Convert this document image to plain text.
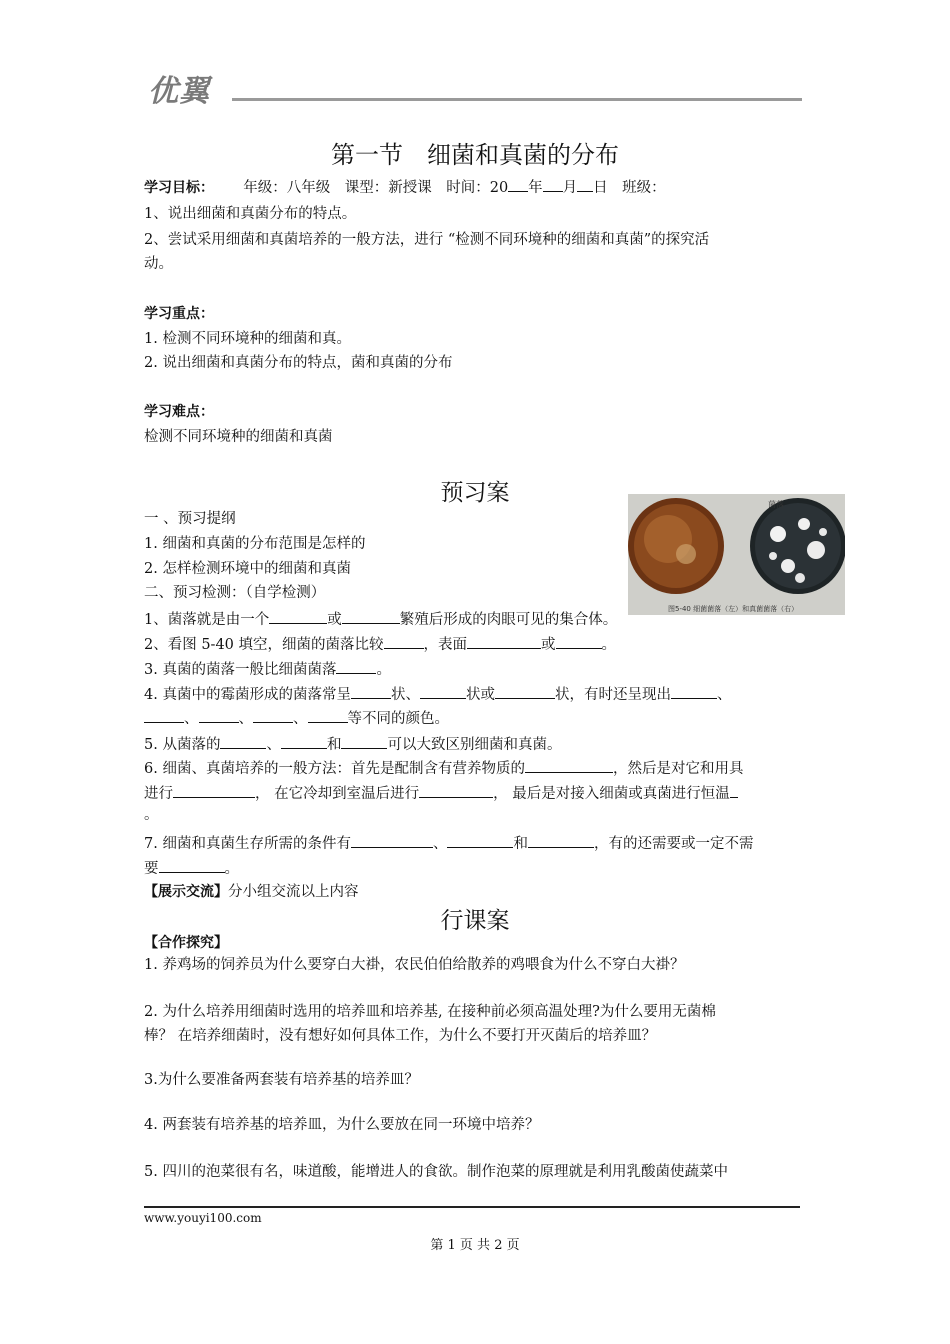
优翼
第一节　细菌和真菌的分布
学习目标： 年级：八年级　课型：新授课　时间：20 年 月 日　班级：
1、说出细菌和真菌分布的特点。
2、尝试采用细菌和真菌培养的一般方法，进行 “检测不同环境种的细菌和真菌”的探究活
动。
学习重点：
1. 检测不同环境种的细菌和真。
2. 说出细菌和真菌分布的特点，菌和真菌的分布
学习难点：
检测不同环境种的细菌和真菌
预习案	菌落
图5-40 细菌菌落（左）和真菌菌落（右）
一 、预习提纲
1. 细菌和真菌的分布范围是怎样的
2. 怎样检测环境中的细菌和真菌
二、预习检测：（自学检测）
1、菌落就是由一个	或	繁殖后形成的肉眼可见的集合体。
2、看图 5-40 填空，细菌的菌落比较	，表面	或	。
3. 真菌的菌落一般比细菌菌落	。
4. 真菌中的霉菌形成的菌落常呈	状、	状或	状，有时还呈现出	、
、	、	、	等不同的颜色。
5. 从菌落的	、	和	可以大致区别细菌和真菌。
6. 细菌、真菌培养的一般方法：首先是配制含有营养物质的	，然后是对它和用具
进行	， 在它冷却到室温后进行	， 最后是对接入细菌或真菌进行恒温
。
7. 细菌和真菌生存所需的条件有	、	和	，有的还需要或一定不需
要	。
【展示交流】分小组交流以上内容
行课案
【合作探究】
1. 养鸡场的饲养员为什么要穿白大褂，农民伯伯给散养的鸡喂食为什么不穿白大褂？
2. 为什么培养用细菌时选用的培养皿和培养基, 在接种前必须高温处理?为什么要用无菌棉
棒？ 在培养细菌时，没有想好如何具体工作，为什么不要打开灭菌后的培养皿？
3.为什么要准备两套装有培养基的培养皿？
4. 两套装有培养基的培养皿，为什么要放在同一环境中培养？
5. 四川的泡菜很有名，味道酸，能增进人的食欲。制作泡菜的原理就是利用乳酸菌使蔬菜中
www.youyi100.com
第 1 页 共 2 页
